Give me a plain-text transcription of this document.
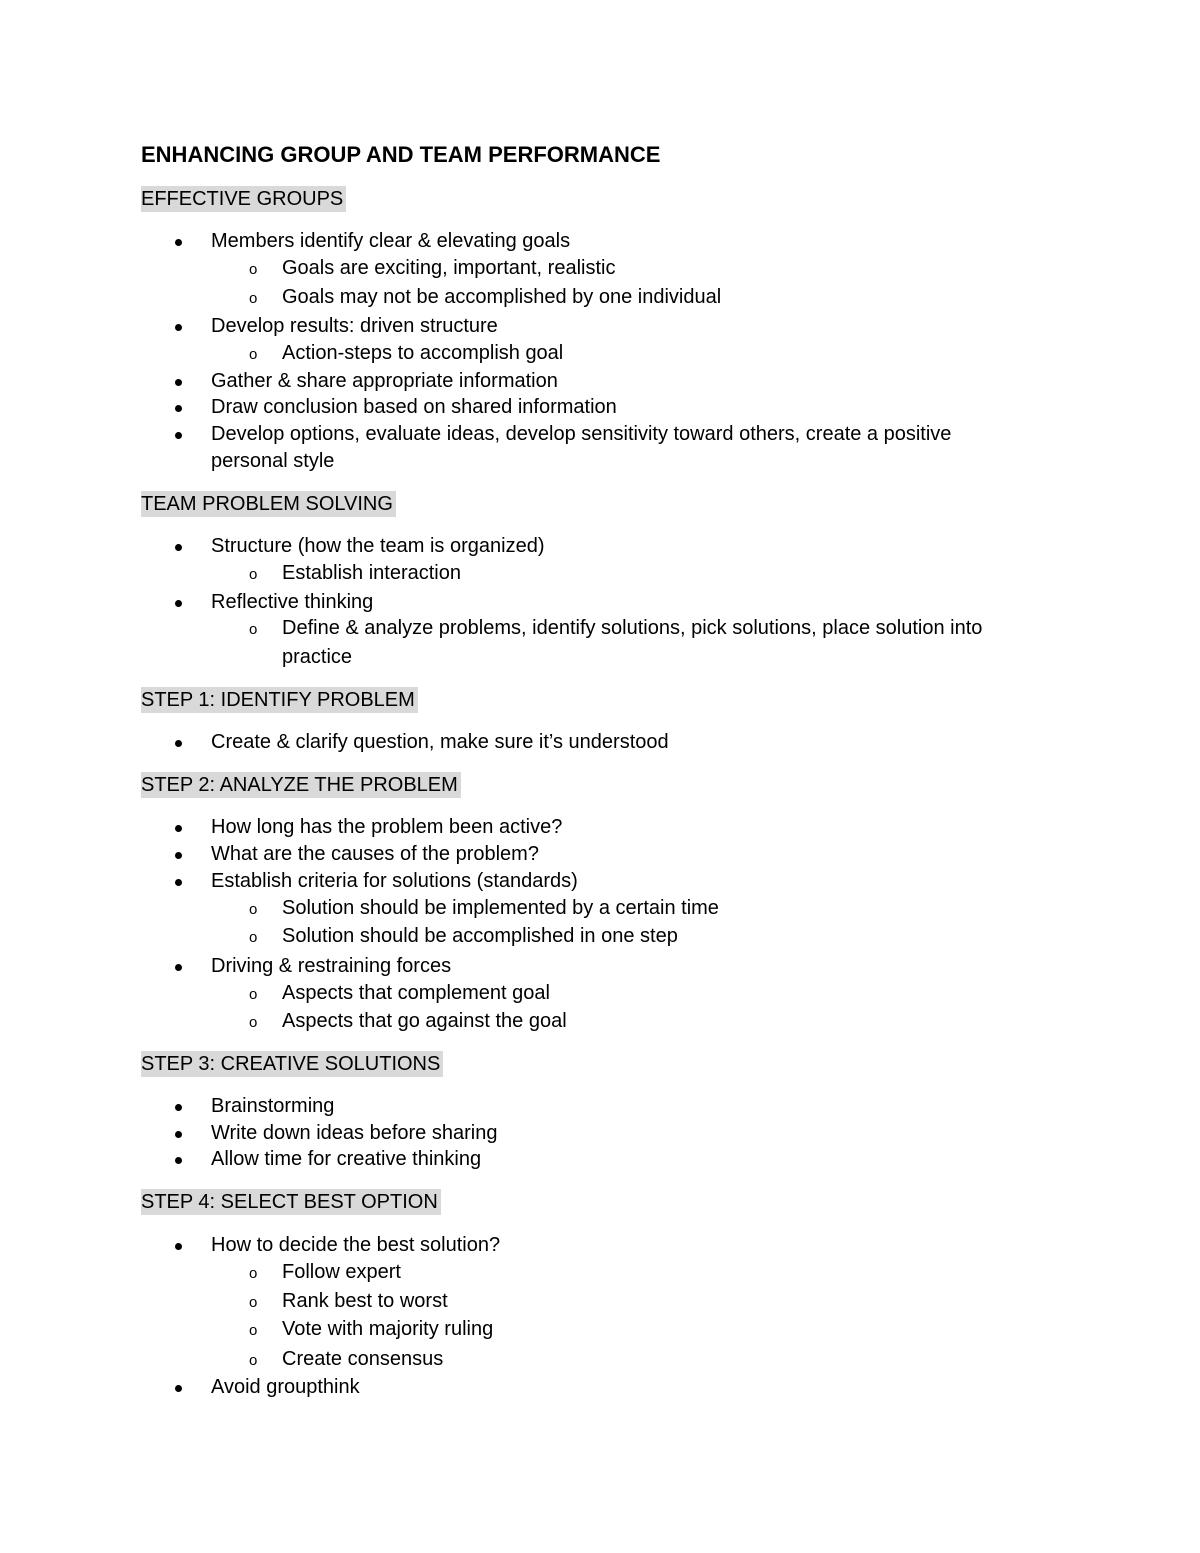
ENHANCING GROUP AND TEAM PERFORMANCE
EFFECTIVE GROUPS
Members identify clear & elevating goals
o Goals are exciting, important, realistic
o Goals may not be accomplished by one individual
Develop results: driven structure
o Action-steps to accomplish goal
Gather & share appropriate information
Draw conclusion based on shared information
Develop options, evaluate ideas, develop sensitivity toward others, create a positive
personal style
TEAM PROBLEM SOLVING
Structure (how the team is organized)
o Establish interaction
Reflective thinking
o Define & analyze problems, identify solutions, pick solutions, place solution into
practice
STEP 1: IDENTIFY PROBLEM
Create & clarify question, make sure it’s understood
STEP 2: ANALYZE THE PROBLEM
How long has the problem been active?
What are the causes of the problem?
Establish criteria for solutions (standards)
o Solution should be implemented by a certain time
o Solution should be accomplished in one step
Driving & restraining forces
o Aspects that complement goal
o Aspects that go against the goal
STEP 3: CREATIVE SOLUTIONS
Brainstorming
Write down ideas before sharing
Allow time for creative thinking
STEP 4: SELECT BEST OPTION
How to decide the best solution?
o Follow expert
o Rank best to worst
o Vote with majority ruling
o Create consensus
Avoid groupthink
